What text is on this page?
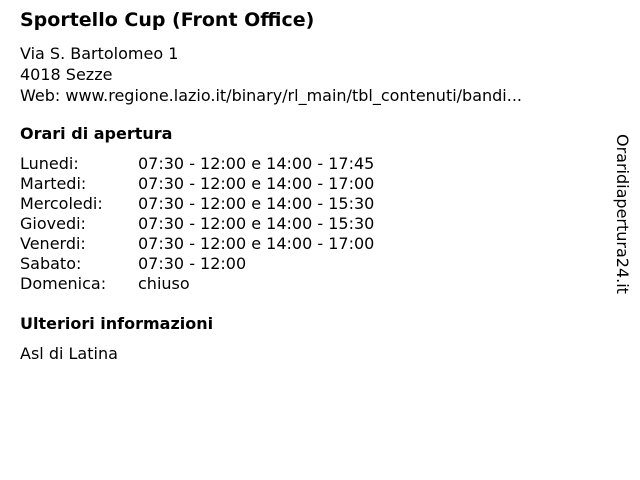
Sportello Cup (Front Office)
Via S. Bartolomeo 1
4018 Sezze
Web: www.regione.lazio.it/binary/rl_main/tbl_contenuti/bandi...
Orari di apertura
Lunedi:	07:30 - 12:00 e 14:00 - 17:45
Martedi:	07:30 - 12:00 e 14:00 - 17:00
Mercoledi: 07:30 - 12:00 e 14:00 - 15:30
Giovedi:	07:30 - 12:00 e 14:00 - 15:30
Venerdi:	07:30 - 12:00 e 14:00 - 17:00
Sabato:	07:30 - 12:00
Domenica: chiuso
Ulteriori informazioni
Asl di Latina
Oraridiapertura24.it
